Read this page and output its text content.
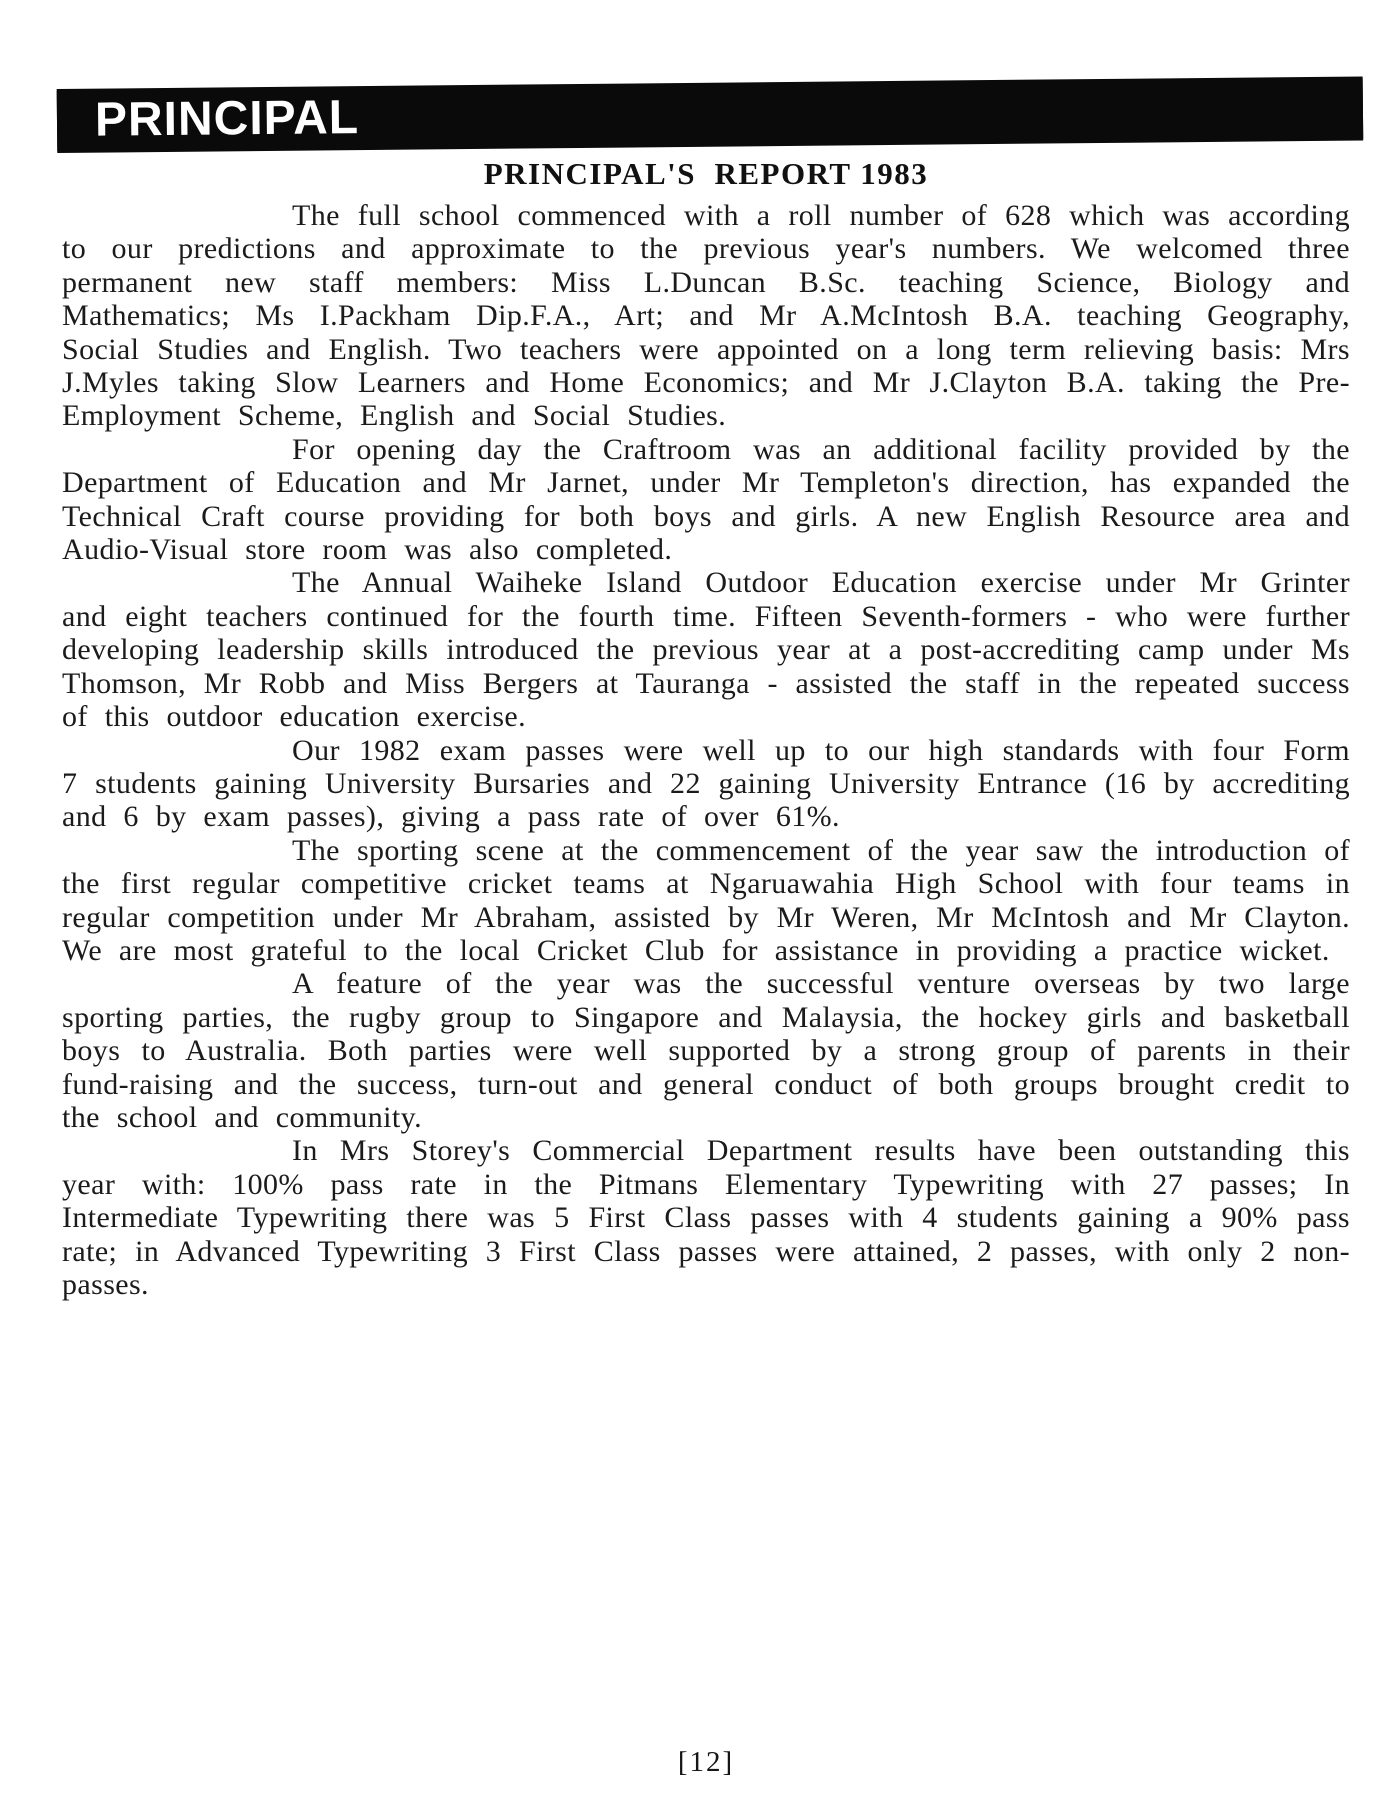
PRINCIPAL
PRINCIPAL'S  REPORT 1983

The full school commenced with a roll number of 628 which was according to our predictions and approximate to the previous year's numbers. We welcomed three permanent new staff members: Miss L.Duncan B.Sc. teaching Science, Biology and Mathematics; Ms I.Packham Dip.F.A., Art; and Mr A.McIntosh B.A. teaching Geography, Social Studies and English. Two teachers were appointed on a long term relieving basis: Mrs J.Myles taking Slow Learners and Home Economics; and Mr J.Clayton B.A. taking the Pre-Employment Scheme, English and Social Studies.

For opening day the Craftroom was an additional facility provided by the Department of Education and Mr Jarnet, under Mr Templeton's direction, has expanded the Technical Craft course providing for both boys and girls. A new English Resource area and Audio-Visual store room was also completed.

The Annual Waiheke Island Outdoor Education exercise under Mr Grinter and eight teachers continued for the fourth time. Fifteen Seventh-formers - who were further developing leadership skills introduced the previous year at a post-accrediting camp under Ms Thomson, Mr Robb and Miss Bergers at Tauranga - assisted the staff in the repeated success of this outdoor education exercise.

Our 1982 exam passes were well up to our high standards with four Form 7 students gaining University Bursaries and 22 gaining University Entrance (16 by accrediting and 6 by exam passes), giving a pass rate of over 61%.

The sporting scene at the commencement of the year saw the introduction of the first regular competitive cricket teams at Ngaruawahia High School with four teams in regular competition under Mr Abraham, assisted by Mr Weren, Mr McIntosh and Mr Clayton. We are most grateful to the local Cricket Club for assistance in providing a practice wicket.

A feature of the year was the successful venture overseas by two large sporting parties, the rugby group to Singapore and Malaysia, the hockey girls and basketball boys to Australia. Both parties were well supported by a strong group of parents in their fund-raising and the success, turn-out and general conduct of both groups brought credit to the school and community.

In Mrs Storey's Commercial Department results have been outstanding this year with: 100% pass rate in the Pitmans Elementary Typewriting with 27 passes; In Intermediate Typewriting there was 5 First Class passes with 4 students gaining a 90% pass rate; in Advanced Typewriting 3 First Class passes were attained, 2 passes, with only 2 non-passes.

[12]
